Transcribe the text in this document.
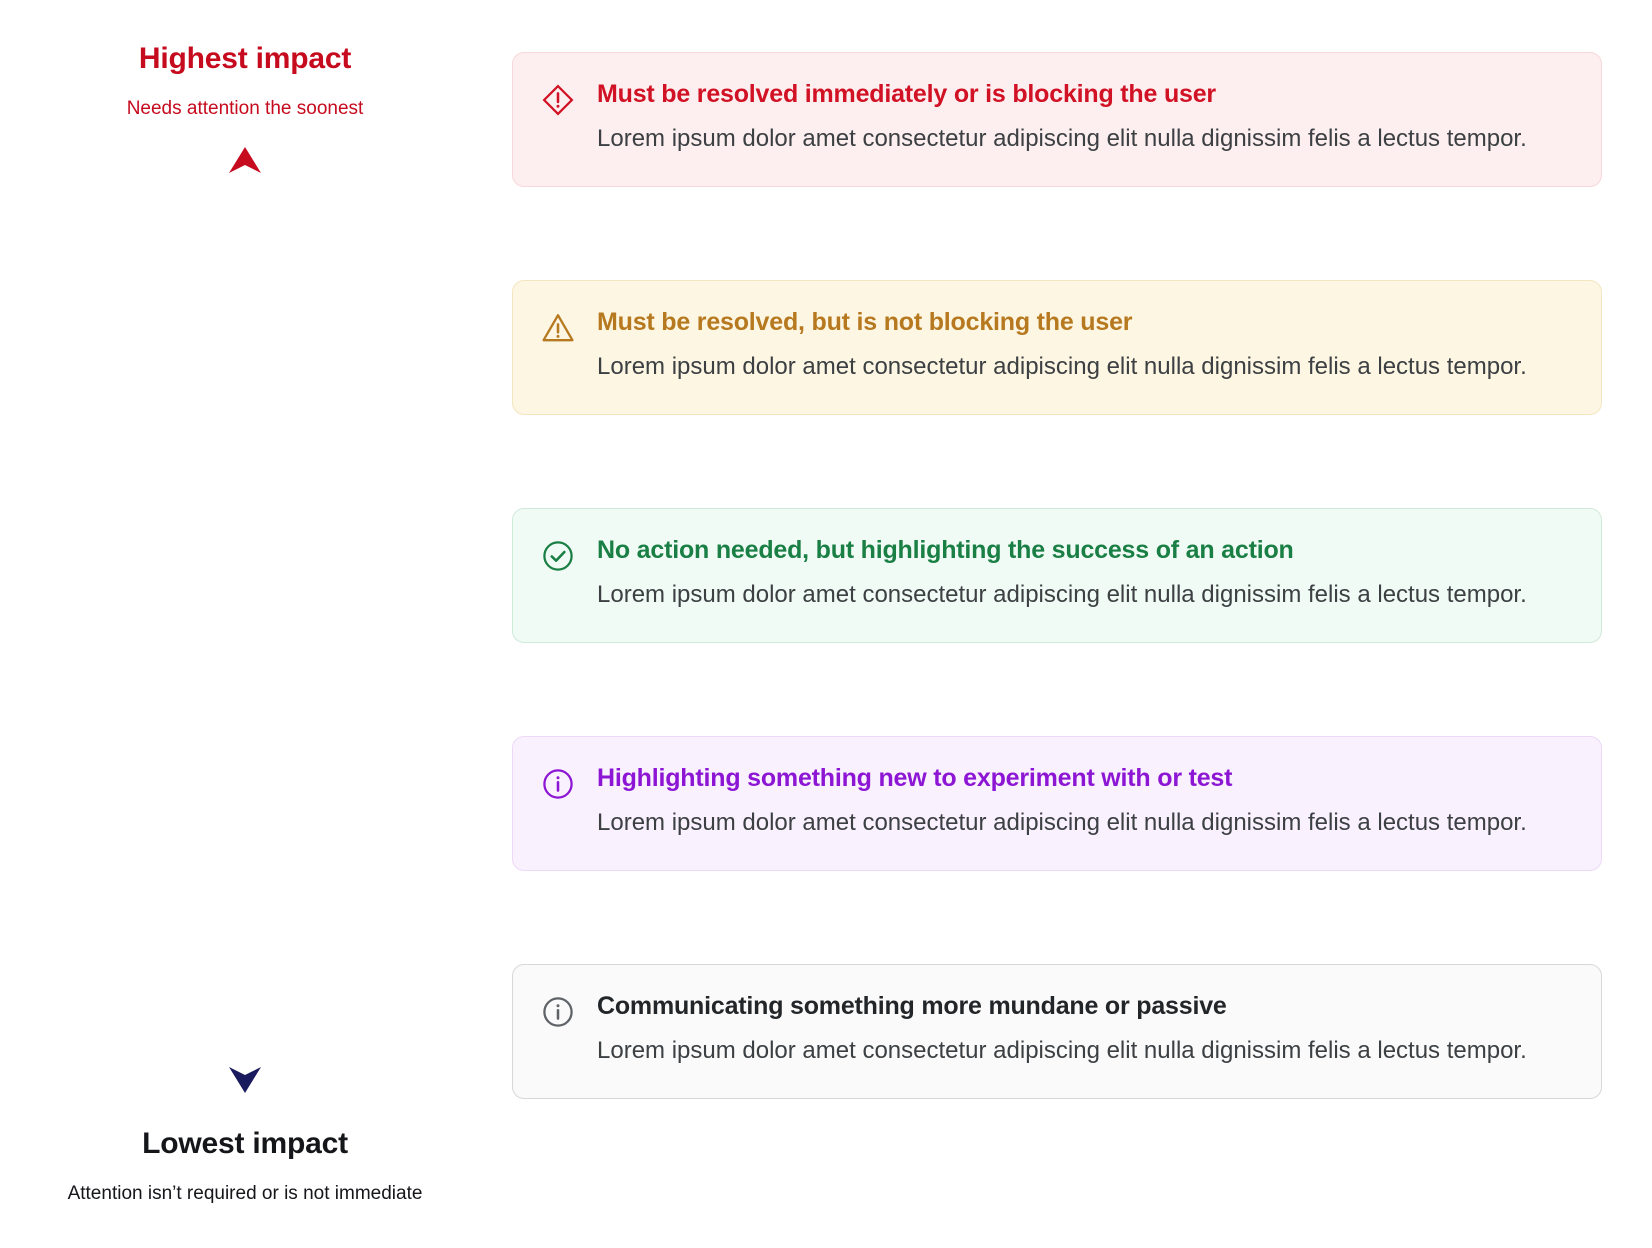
Highest impact
Needs attention the soonest
Lowest impact
Attention isn’t required or is not immediate

Must be resolved immediately or is blocking the user

Lorem ipsum dolor amet consectetur adipiscing elit nulla dignissim felis a lectus tempor.

Must be resolved, but is not blocking the user

Lorem ipsum dolor amet consectetur adipiscing elit nulla dignissim felis a lectus tempor.

No action needed, but highlighting the success of an action

Lorem ipsum dolor amet consectetur adipiscing elit nulla dignissim felis a lectus tempor.

Highlighting something new to experiment with or test

Lorem ipsum dolor amet consectetur adipiscing elit nulla dignissim felis a lectus tempor.

Communicating something more mundane or passive

Lorem ipsum dolor amet consectetur adipiscing elit nulla dignissim felis a lectus tempor.
